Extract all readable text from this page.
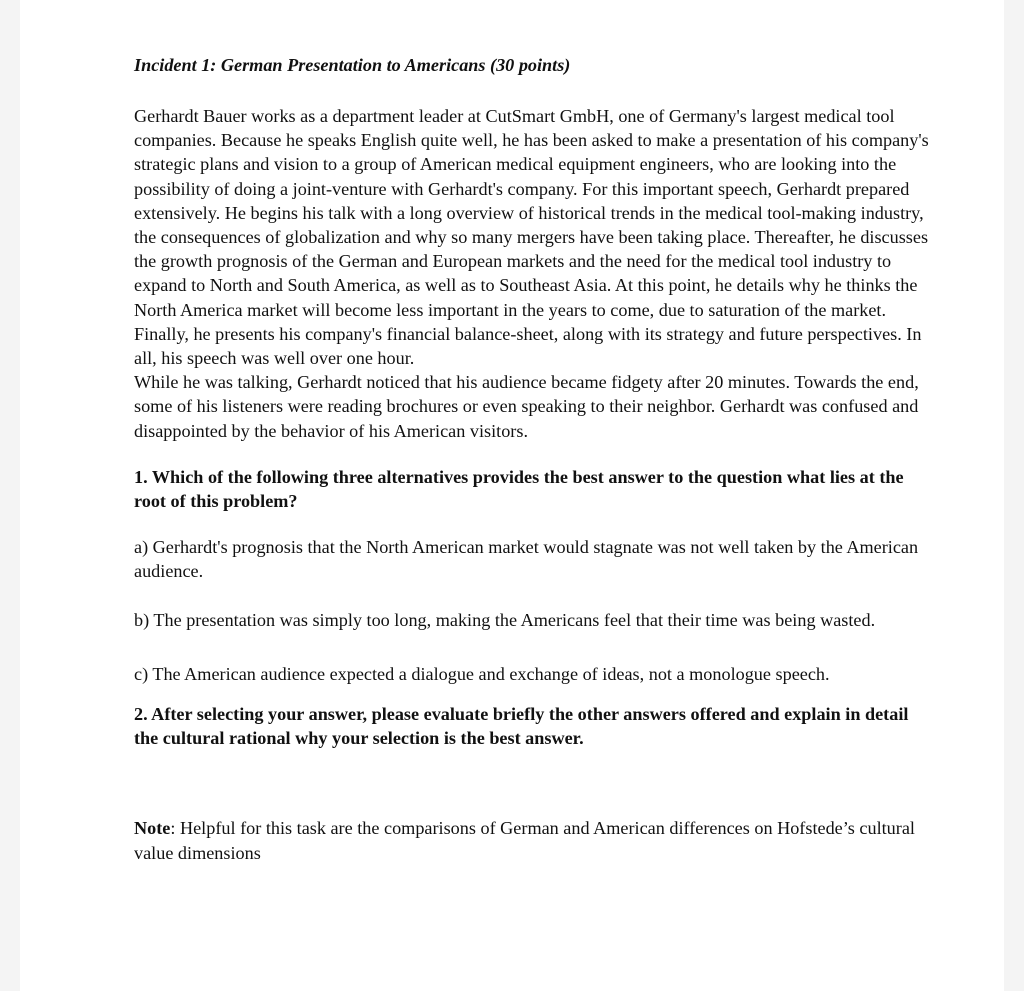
Incident 1: German Presentation to Americans (30 points)

Gerhardt Bauer works as a department leader at CutSmart GmbH, one of Germany's largest medical tool companies. Because he speaks English quite well, he has been asked to make a presentation of his company's strategic plans and vision to a group of American medical equipment engineers, who are looking into the possibility of doing a joint-venture with Gerhardt's company. For this important speech, Gerhardt prepared extensively. He begins his talk with a long overview of historical trends in the medical tool-making industry, the consequences of globalization and why so many mergers have been taking place. Thereafter, he discusses the growth prognosis of the German and European markets and the need for the medical tool industry to expand to North and South America, as well as to Southeast Asia. At this point, he details why he thinks the North America market will become less important in the years to come, due to saturation of the market.

Finally, he presents his company's financial balance-sheet, along with its strategy and future perspectives. In all, his speech was well over one hour.

While he was talking, Gerhardt noticed that his audience became fidgety after 20 minutes. Towards the end, some of his listeners were reading brochures or even speaking to their neighbor. Gerhardt was confused and disappointed by the behavior of his American visitors.

1. Which of the following three alternatives provides the best answer to the question what lies at the root of this problem?

a) Gerhardt's prognosis that the North American market would stagnate was not well taken by the American audience.

b) The presentation was simply too long, making the Americans feel that their time was being wasted.

c) The American audience expected a dialogue and exchange of ideas, not a monologue speech.

2. After selecting your answer, please evaluate briefly the other answers offered and explain in detail the cultural rational why your selection is the best answer.

Note: Helpful for this task are the comparisons of German and American differences on Hofstede’s cultural value dimensions
